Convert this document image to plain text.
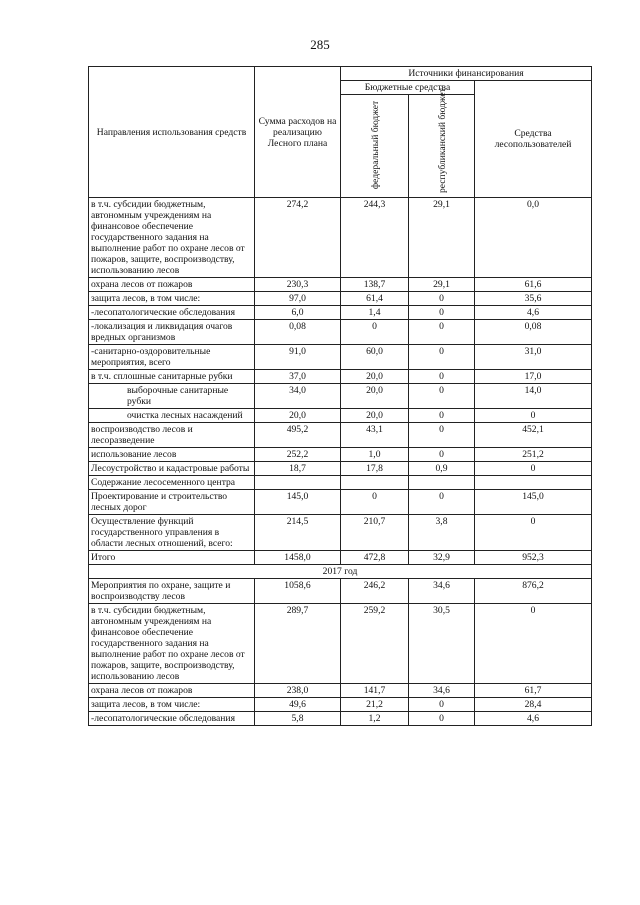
285
Направления использования средств	Сумма расходов на реализацию Лесного плана	Источники финансирования		
		Бюджетные средства		Средства лесопользователей

		федеральный бюджет	республиканский бюджет	

в т.ч. субсидии бюджетным, автономным учреждениям на финансовое обеспечение государственного задания на выполнение работ по охране лесов от пожаров, защите, воспроизводству, использованию лесов	274,2	244,3	29,1	0,0
охрана лесов от пожаров	230,3	138,7	29,1	61,6
защита лесов, в том числе:	97,0	61,4	0	35,6
-лесопатологические обследования	6,0	1,4	0	4,6
-локализация и ликвидация очагов вредных организмов	0,08	0	0	0,08
-санитарно-оздоровительные мероприятия, всего	91,0	60,0	0	31,0
в т.ч. сплошные санитарные рубки	37,0	20,0	0	17,0
выборочные санитарные рубки	34,0	20,0	0	14,0
очистка лесных насаждений	20,0	20,0	0	0
воспроизводство лесов и лесоразведение	495,2	43,1	0	452,1
использование лесов	252,2	1,0	0	251,2
Лесоустройство и кадастровые работы	18,7	17,8	0,9	0
Содержание лесосеменного центра				
Проектирование и строительство лесных дорог	145,0	0	0	145,0
Осуществление функций государственного управления в области лесных отношений, всего:	214,5	210,7	3,8	0
Итого	1458,0	472,8	32,9	952,3
2017 год				
Мероприятия по охране, защите и воспроизводству лесов	1058,6	246,2	34,6	876,2
в т.ч. субсидии бюджетным, автономным учреждениям на финансовое обеспечение государственного задания на выполнение работ по охране лесов от пожаров, защите, воспроизводству, использованию лесов	289,7	259,2	30,5	0
охрана лесов от пожаров	238,0	141,7	34,6	61,7
защита лесов, в том числе:	49,6	21,2	0	28,4
-лесопатологические обследования	5,8	1,2	0	4,6
